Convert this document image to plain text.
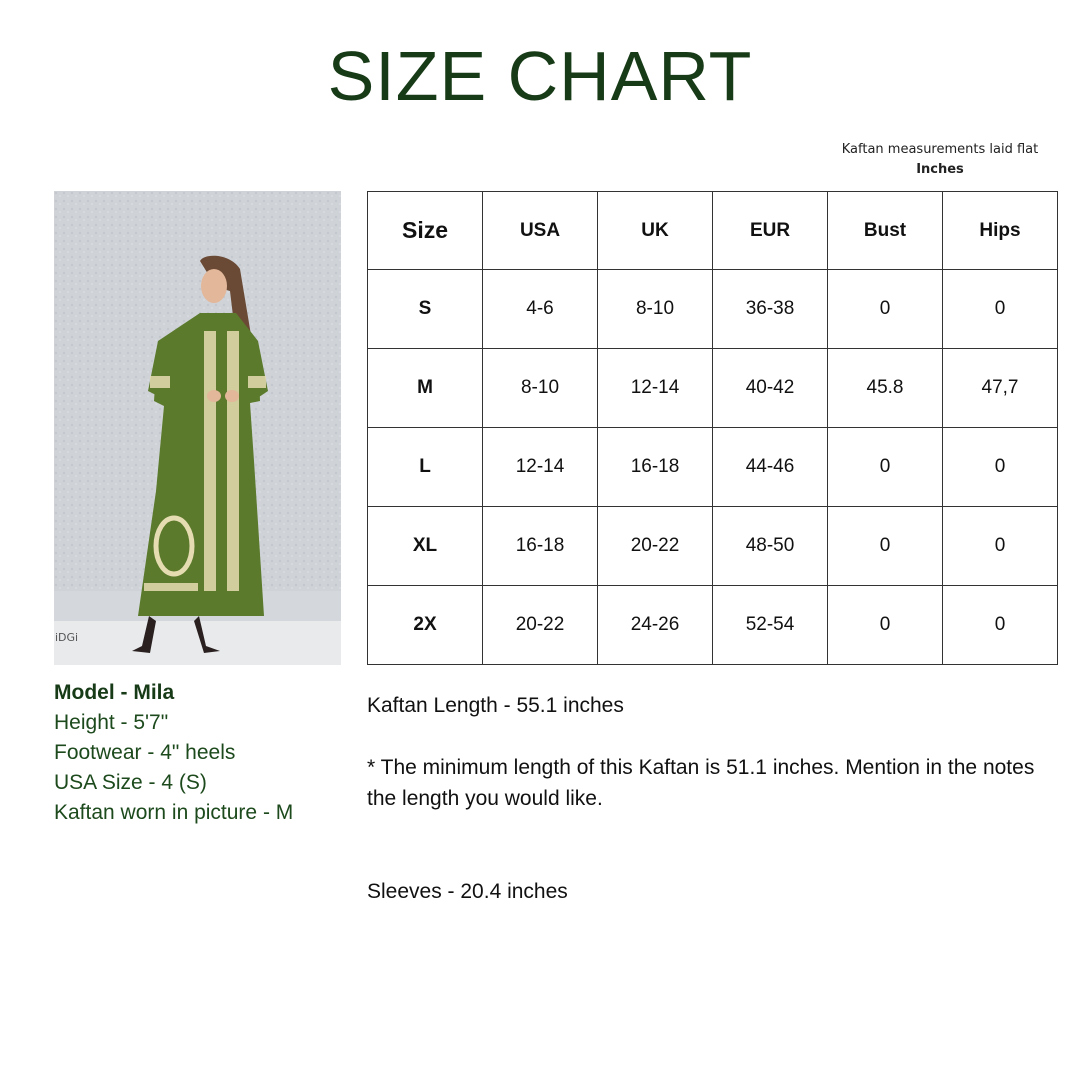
SIZE CHART
Kaftan measurements laid flat
Inches
iDGi
Model - Mila
Height - 5'7"
Footwear - 4" heels
USA Size - 4 (S)
Kaftan worn in picture - M
Size	USA	UK	EUR	Bust	Hips
S	4-6	8-10	36-38	0	0
M	8-10	12-14	40-42	45.8	47,7
L	12-14	16-18	44-46	0	0
XL	16-18	20-22	48-50	0	0
2X	20-22	24-26	52-54	0	0

Kaftan Length - 55.1 inches

* The minimum length of this Kaftan is 51.1 inches. Mention in the notes the length you would like.

Sleeves - 20.4 inches
